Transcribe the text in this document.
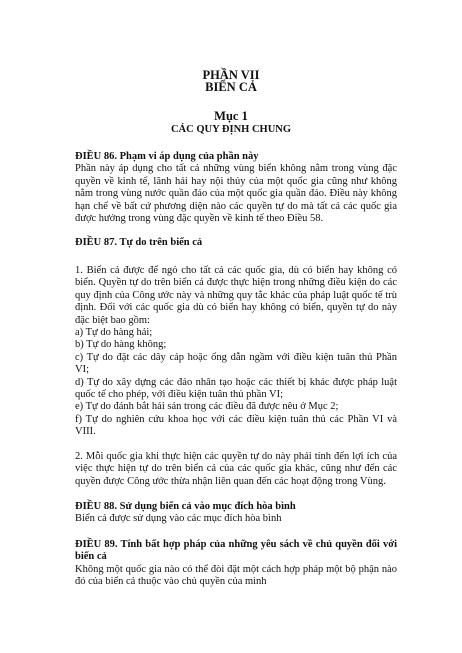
PHẦN VII
BIỂN CẢ
Mục 1
CÁC QUY ĐỊNH CHUNG
ĐIỀU 86. Phạm vi áp dụng của phần này
Phần này áp dụng cho tất cả những vùng biển không nằm trong vùng đặc
quyền về kinh tế, lãnh hải hay nội thủy của một quốc gia cũng như không
nằm trong vùng nước quần đảo của một quốc gia quần đảo. Điều này không
hạn chế về bất cứ phương diện nào các quyền tự do mà tất cả các quốc gia
được hưởng trong vùng đặc quyền về kinh tế theo Điều 58.
ĐIỀU 87. Tự do trên biển cả
1. Biển cả được để ngỏ cho tất cả các quốc gia, dù có biển hay không có
biển. Quyền tự do trên biển cả được thực hiện trong những điều kiện do các
quy định của Công ước này và những quy tắc khác của pháp luật quốc tế trù
định. Đối với các quốc gia dù có biển hay không có biển, quyền tự do này
đặc biệt bao gồm:
a) Tự do hàng hải;
b) Tự do hàng không;
c) Tự do đặt các dây cáp hoặc ống dẫn ngầm với điều kiện tuân thủ Phần
VI;
d) Tự do xây dựng các đảo nhân tạo hoặc các thiết bị khác được pháp luật
quốc tế cho phép, với điều kiện tuân thủ phần VI;
e) Tự do đánh bắt hải sản trong các điều đã được nêu ở Mục 2;
f) Tự do nghiên cứu khoa học với các điều kiện tuân thủ các Phần VI và
VIII.
2. Mỗi quốc gia khi thực hiện các quyền tự do này phải tính đến lợi ích của
việc thực hiện tự do trên biển cả của các quốc gia khác, cũng như đến các
quyền được Công ước thừa nhận liên quan đến các hoạt động trong Vùng.
ĐIỀU 88. Sử dụng biển cả vào mục đích hòa bình
Biển cả được sử dụng vào các mục đích hòa bình
ĐIỀU 89. Tính bất hợp pháp của những yêu sách về chủ quyền đối với
biển cả
Không một quốc gia nào có thể đòi đặt một cách hợp pháp một bộ phận nào
đó của biển cả thuộc vào chủ quyền của mình
